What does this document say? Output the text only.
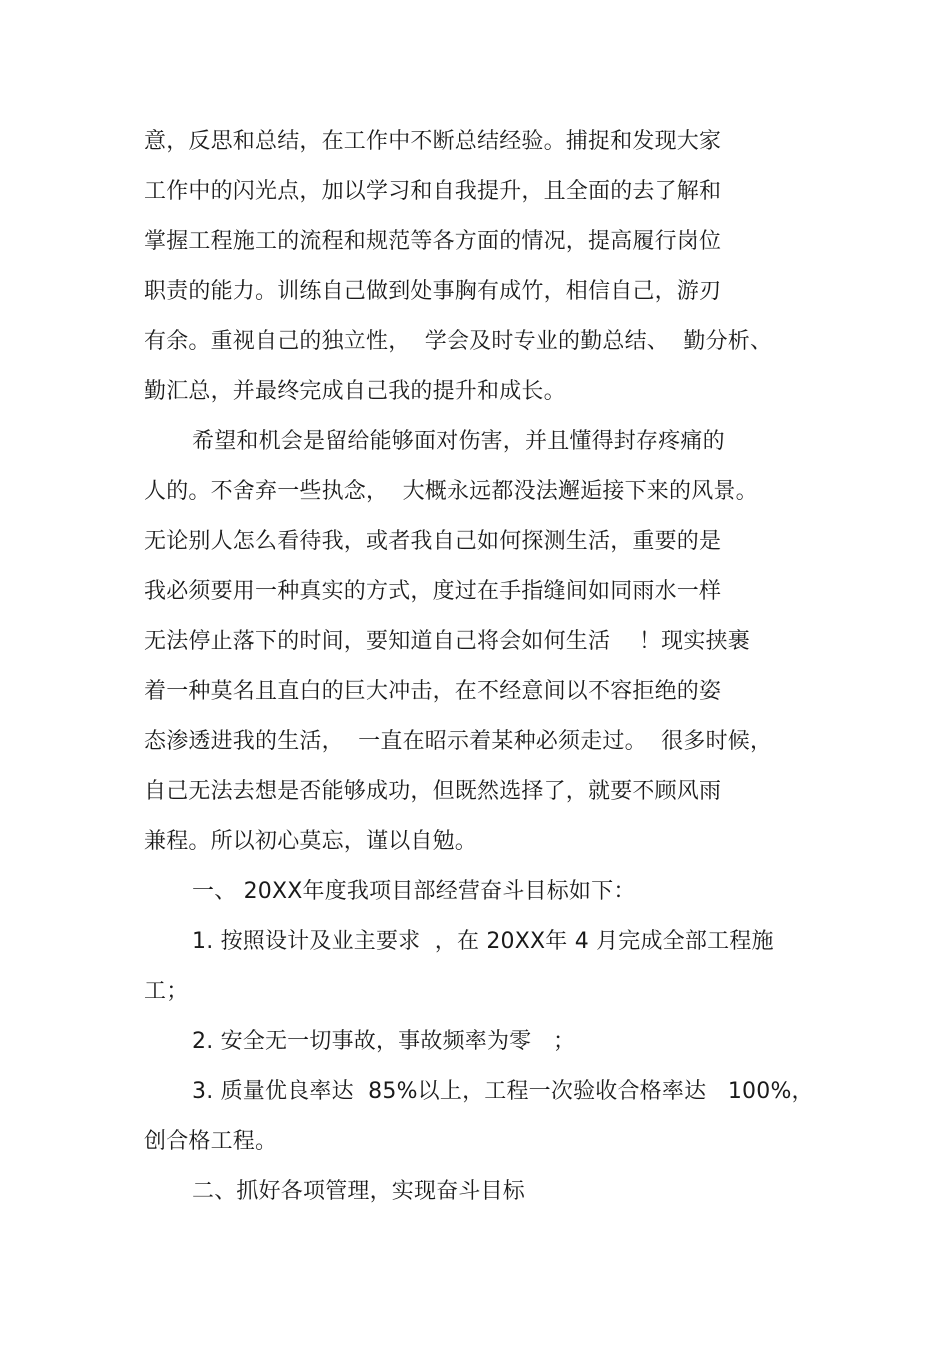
意，反思和总结，在工作中不断总结经验。捕捉和发现大家
工作中的闪光点，加以学习和自我提升，且全面的去了解和
掌握工程施工的流程和规范等各方面的情况，提高履行岗位
职责的能力。训练自己做到处事胸有成竹，相信自己，游刃
有余。重视自己的独立性，  学会及时专业的勤总结、  勤分析、
勤汇总，并最终完成自己我的提升和成长。
希望和机会是留给能够面对伤害，并且懂得封存疼痛的
人的。不舍弃一些执念，  大概永远都没法邂逅接下来的风景。
无论别人怎么看待我，或者我自己如何探测生活，重要的是
我必须要用一种真实的方式，度过在手指缝间如同雨水一样
无法停止落下的时间，要知道自己将会如何生活    ！现实挟裹
着一种莫名且直白的巨大冲击，在不经意间以不容拒绝的姿
态渗透进我的生活，  一直在昭示着某种必须走过。  很多时候，
自己无法去想是否能够成功，但既然选择了，就要不顾风雨
兼程。所以初心莫忘，谨以自勉。
一、 20XX年度我项目部经营奋斗目标如下：
1. 按照设计及业主要求  ，在 20XX年 4 月完成全部工程施
工；
2. 安全无一切事故，事故频率为零   ；
3. 质量优良率达  85%以上，工程一次验收合格率达   100%，
创合格工程。
二、抓好各项管理，实现奋斗目标
